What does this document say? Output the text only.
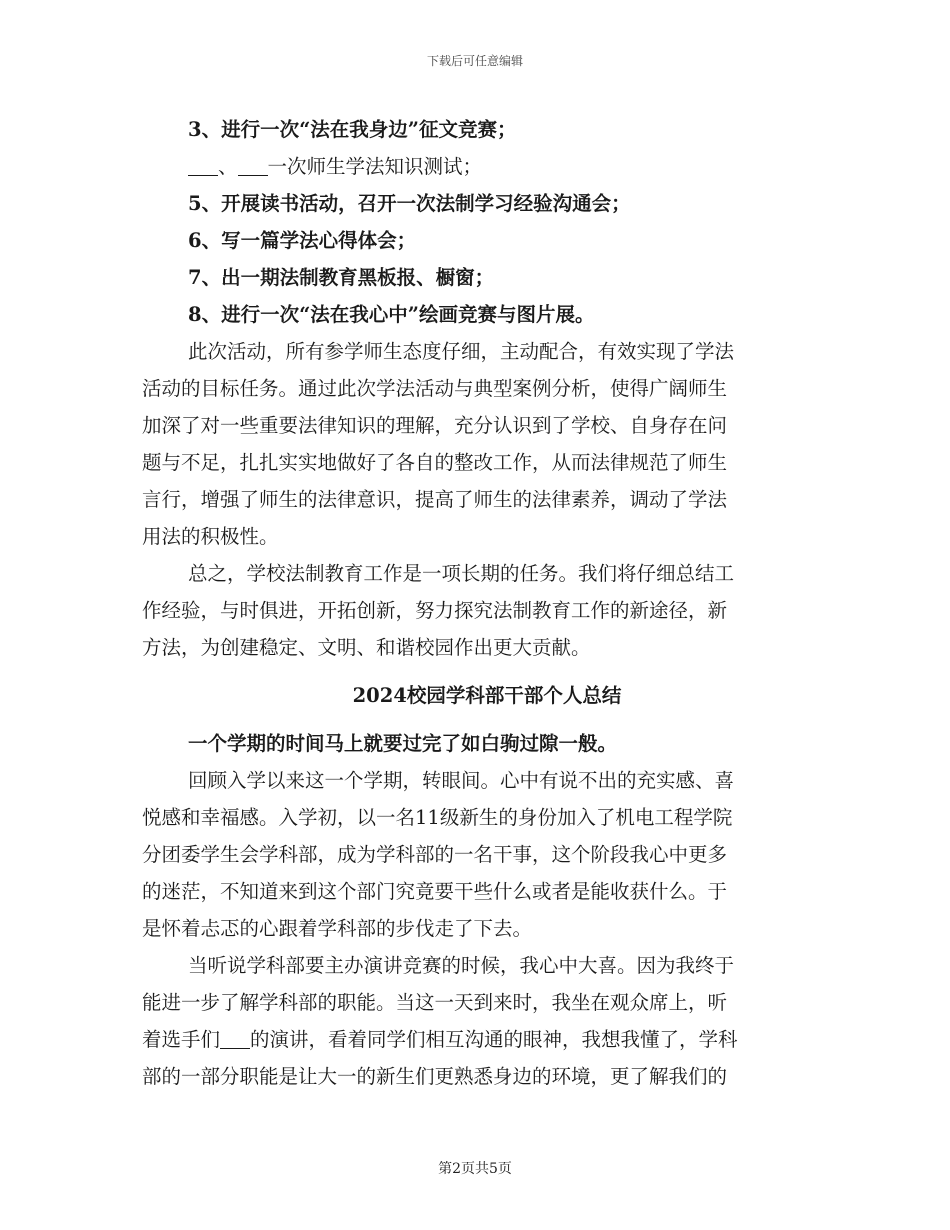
下载后可任意编辑
3、进行一次“法在我身边”征文竞赛；
、 一次师生学法知识测试；
5、开展读书活动，召开一次法制学习经验沟通会；
6、写一篇学法心得体会；
7、出一期法制教育黑板报、橱窗；
8、进行一次“法在我心中”绘画竞赛与图片展。
此次活动，所有参学师生态度仔细，主动配合，有效实现了学法
活动的目标任务。通过此次学法活动与典型案例分析，使得广阔师生
加深了对一些重要法律知识的理解，充分认识到了学校、自身存在问
题与不足，扎扎实实地做好了各自的整改工作，从而法律规范了师生
言行，增强了师生的法律意识，提高了师生的法律素养，调动了学法
用法的积极性。
总之，学校法制教育工作是一项长期的任务。我们将仔细总结工
作经验，与时俱进，开拓创新，努力探究法制教育工作的新途径，新
方法，为创建稳定、文明、和谐校园作出更大贡献。
2024校园学科部干部个人总结
一个学期的时间马上就要过完了如白驹过隙一般。
回顾入学以来这一个学期，转眼间。心中有说不出的充实感、喜
悦感和幸福感。入学初，以一名11级新生的身份加入了机电工程学院
分团委学生会学科部，成为学科部的一名干事，这个阶段我心中更多
的迷茫，不知道来到这个部门究竟要干些什么或者是能收获什么。于
是怀着忐忑的心跟着学科部的步伐走了下去。
当听说学科部要主办演讲竞赛的时候，我心中大喜。因为我终于
能进一步了解学科部的职能。当这一天到来时，我坐在观众席上，听
着选手们 的演讲，看着同学们相互沟通的眼神，我想我懂了，学科
部的一部分职能是让大一的新生们更熟悉身边的环境，更了解我们的
第2页共5页
